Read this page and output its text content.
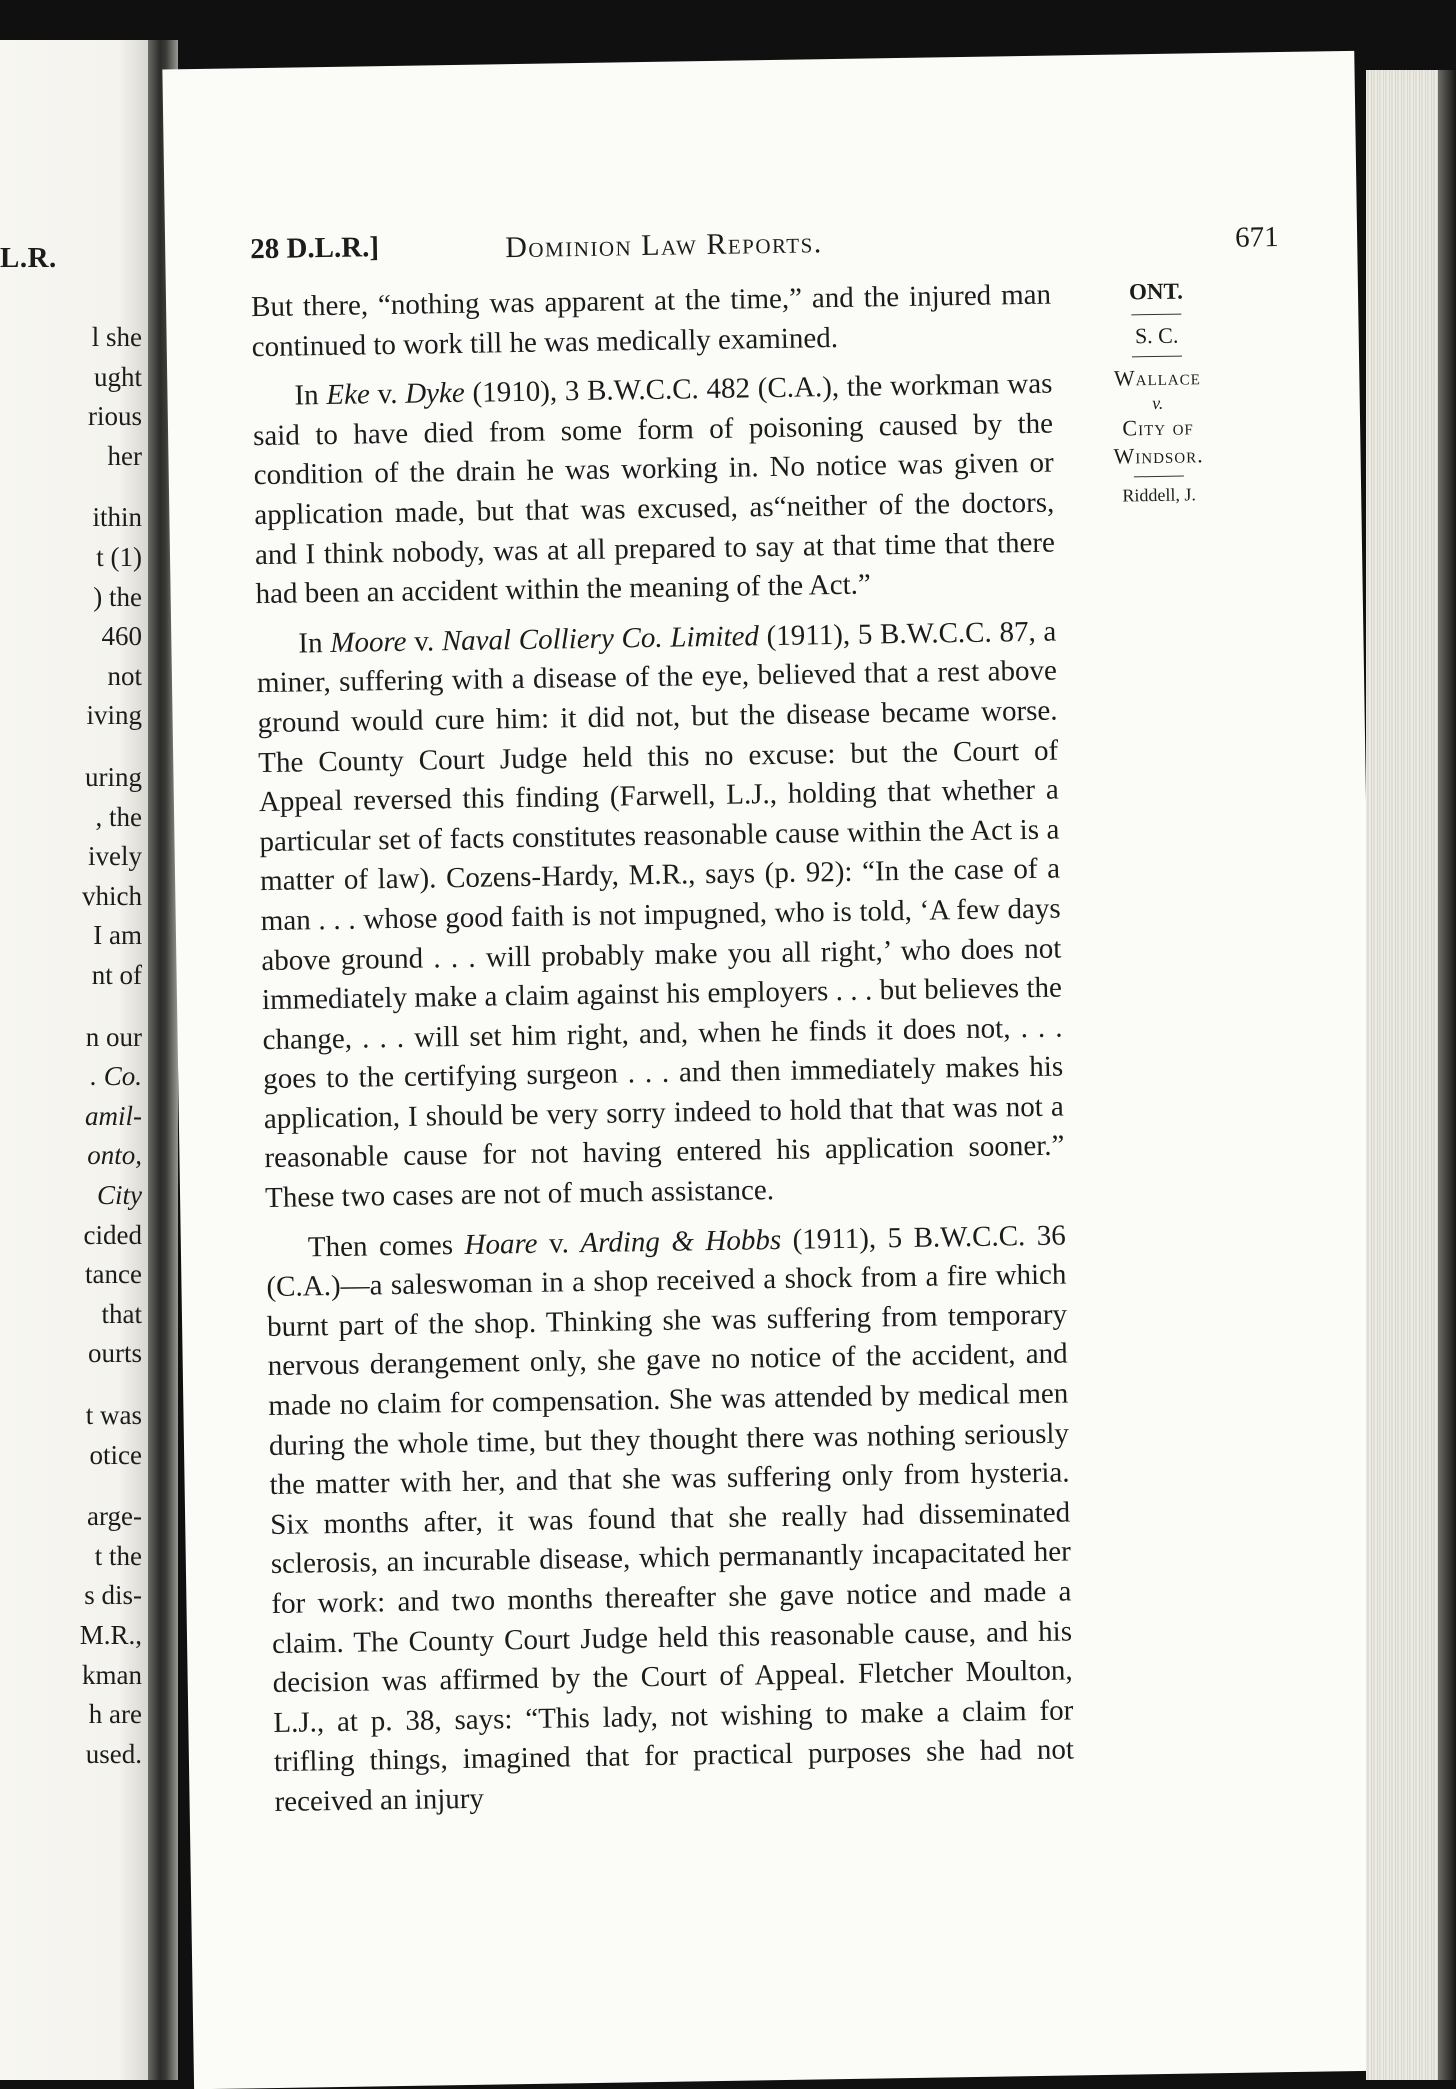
L.R.
l she
ught
rious
her
ithin
t (1)
) the
460
not
iving
uring
, the
ively
vhich
I am
nt of
n our
. Co.
amil-
onto,
City
cided
tance
that
ourts
t was
otice
arge-
t the
s dis-
M.R.,
kman
h are
used.
28 D.L.R.]	Dominion Law Reports.	671

But there, “nothing was apparent at the time,” and the injured man continued to work till he was medically examined.

In Eke v. Dyke (1910), 3 B.W.C.C. 482 (C.A.), the workman was said to have died from some form of poisoning caused by the condition of the drain he was working in. No notice was given or application made, but that was excused, as“neither of the doctors, and I think nobody, was at all prepared to say at that time that there had been an accident within the meaning of the Act.”

In Moore v. Naval Colliery Co. Limited (1911), 5 B.W.C.C. 87, a miner, suffering with a disease of the eye, believed that a rest above ground would cure him: it did not, but the disease became worse. The County Court Judge held this no excuse: but the Court of Appeal reversed this finding (Farwell, L.J., holding that whether a particular set of facts constitutes reasonable cause within the Act is a matter of law). Cozens-Hardy, M.R., says (p. 92): “In the case of a man . . . whose good faith is not impugned, who is told, ‘A few days above ground . . . will probably make you all right,’ who does not immediately make a claim against his employers . . . but believes the change, . . . will set him right, and, when he finds it does not, . . . goes to the certifying surgeon . . . and then immediately makes his application, I should be very sorry indeed to hold that that was not a reasonable cause for not having entered his application sooner.” These two cases are not of much assistance.

Then comes Hoare v. Arding & Hobbs (1911), 5 B.W.C.C. 36 (C.A.)—a saleswoman in a shop received a shock from a fire which burnt part of the shop. Thinking she was suffering from temporary nervous derangement only, she gave no notice of the accident, and made no claim for compensation. She was attended by medical men during the whole time, but they thought there was nothing seriously the matter with her, and that she was suffering only from hysteria. Six months after, it was found that she really had disseminated sclerosis, an incurable disease, which permanantly incapacitated her for work: and two months thereafter she gave notice and made a claim. The County Court Judge held this reasonable cause, and his decision was affirmed by the Court of Appeal. Fletcher Moulton, L.J., at p. 38, says: “This lady, not wishing to make a claim for trifling things, imagined that for practical purposes she had not received an injury

ONT.
S. C.
Wallace
v.
City of
Windsor.
Riddell, J.
